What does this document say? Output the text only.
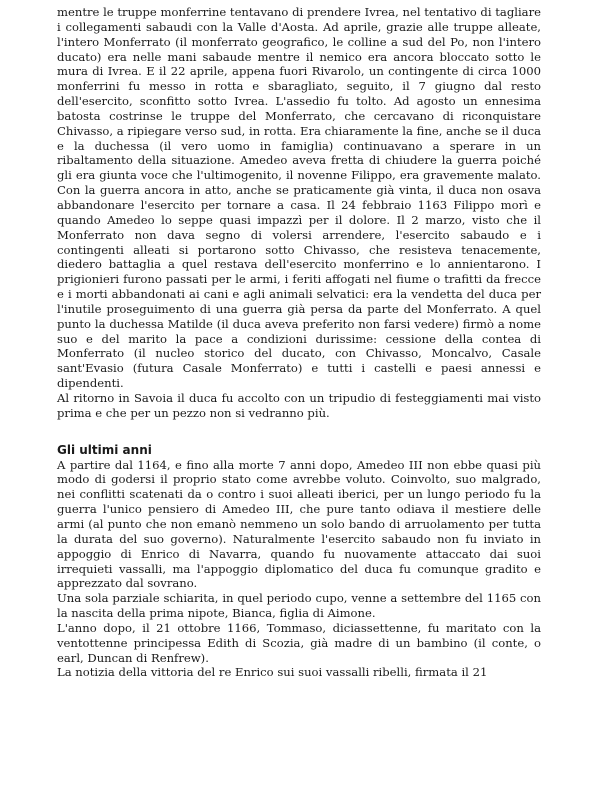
mentre le truppe monferrine tentavano di prendere Ivrea, nel tentativo di tagliare i collegamenti sabaudi con la Valle d'Aosta. Ad aprile, grazie alle truppe alleate, l'intero Monferrato (il monferrato geografico, le colline a sud del Po, non l'intero ducato) era nelle mani sabaude mentre il nemico era ancora bloccato sotto le mura di Ivrea. E il 22 aprile, appena fuori Rivarolo, un contingente di circa 1000 monferrini fu messo in rotta e sbaragliato, seguito, il 7 giugno dal resto dell'esercito, sconfitto sotto Ivrea. L'assedio fu tolto. Ad agosto un ennesima batosta costrinse le truppe del Monferrato, che cercavano di riconquistare Chivasso, a ripiegare verso sud, in rotta. Era chiaramente la fine, anche se il duca e la duchessa (il vero uomo in famiglia) continuavano a sperare in un ribaltamento della situazione. Amedeo aveva fretta di chiudere la guerra poiché gli era giunta voce che l'ultimogenito, il novenne Filippo, era gravemente malato. Con la guerra ancora in atto, anche se praticamente già vinta, il duca non osava abbandonare l'esercito per tornare a casa. Il 24 febbraio 1163 Filippo morì e quando Amedeo lo seppe quasi impazzì per il dolore. Il 2 marzo, visto che il Monferrato non dava segno di volersi arrendere, l'esercito sabaudo e i contingenti alleati si portarono sotto Chivasso, che resisteva tenacemente, diedero battaglia a quel restava dell'esercito monferrino e lo annientarono. I prigionieri furono passati per le armi, i feriti affogati nel fiume o trafitti da frecce e i morti abbandonati ai cani e agli animali selvatici: era la vendetta del duca per l'inutile proseguimento di una guerra già persa da parte del Monferrato. A quel punto la duchessa Matilde (il duca aveva preferito non farsi vedere) firmò a nome suo e del marito la pace a condizioni durissime: cessione della contea di Monferrato (il nucleo storico del ducato, con Chivasso, Moncalvo, Casale sant'Evasio (futura Casale Monferrato) e tutti i castelli e paesi annessi e dipendenti.

Al ritorno in Savoia il duca fu accolto con un tripudio di festeggiamenti mai visto prima e che per un pezzo non si vedranno più.

Gli ultimi anni

A partire dal 1164, e fino alla morte 7 anni dopo, Amedeo III non ebbe quasi più modo di godersi il proprio stato come avrebbe voluto. Coinvolto, suo malgrado, nei conflitti scatenati da o contro i suoi alleati iberici, per un lungo periodo fu la guerra l'unico pensiero di Amedeo III, che pure tanto odiava il mestiere delle armi (al punto che non emanò nemmeno un solo bando di arruolamento per tutta la durata del suo governo). Naturalmente l'esercito sabaudo non fu inviato in appoggio di Enrico di Navarra, quando fu nuovamente attaccato dai suoi irrequieti vassalli, ma l'appoggio diplomatico del duca fu comunque gradito e apprezzato dal sovrano.

Una sola parziale schiarita, in quel periodo cupo, venne a settembre del 1165 con la nascita della prima nipote, Bianca, figlia di Aimone.

L'anno dopo, il 21 ottobre 1166, Tommaso, diciassettenne, fu maritato con la ventottenne principessa Edith di Scozia, già madre di un bambino (il conte, o earl, Duncan di Renfrew).

La notizia della vittoria del re Enrico sui suoi vassalli ribelli, firmata il 21
